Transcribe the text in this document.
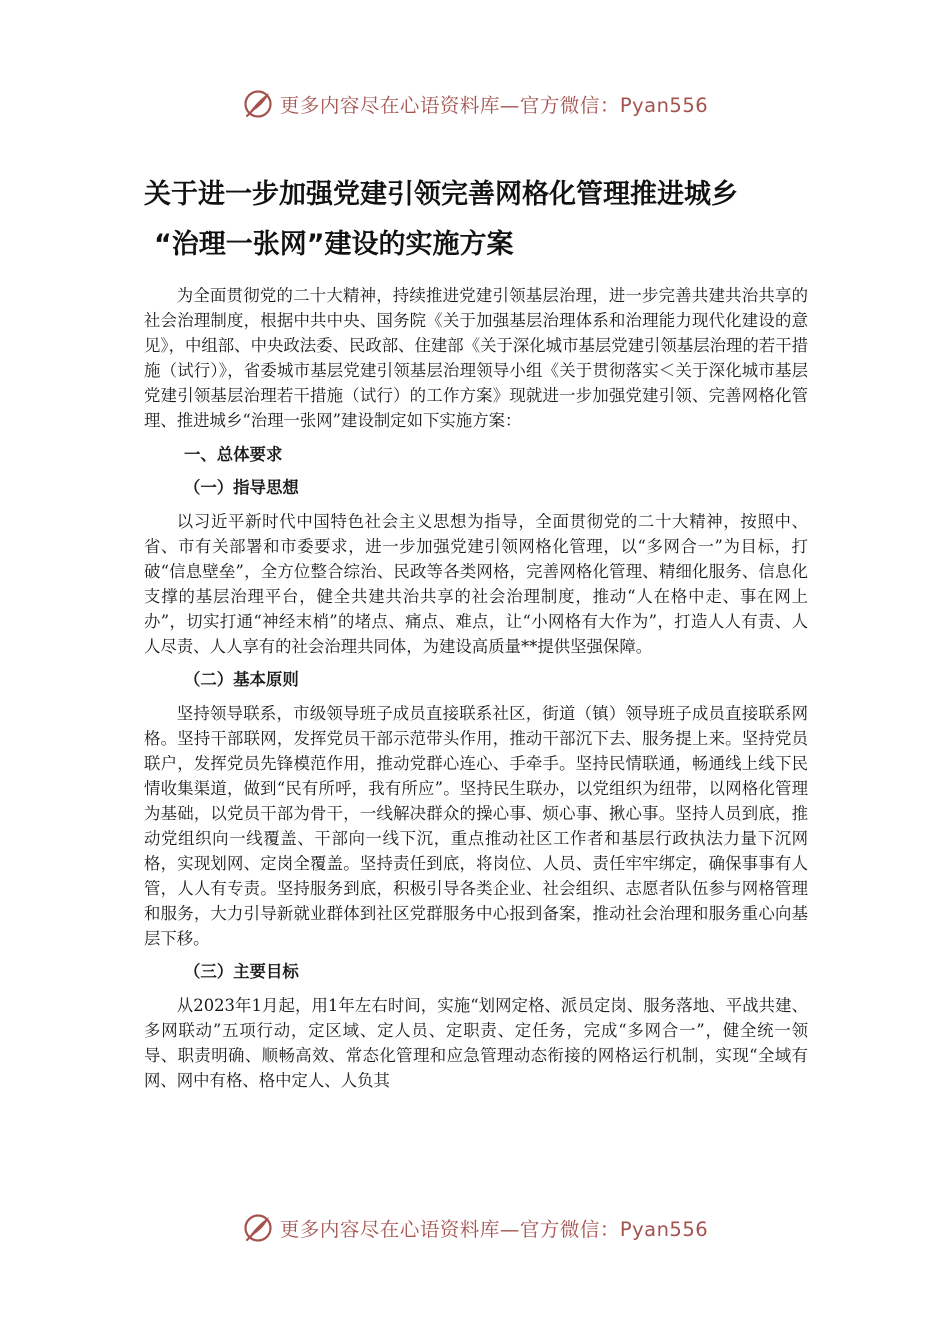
更多内容尽在心语资料库—官方微信：Pyan556
关于进一步加强党建引领完善网格化管理推进城乡
“治理一张网”建设的实施方案

为全面贯彻党的二十大精神，持续推进党建引领基层治理，进一步完善共建共治共享的社会治理制度，根据中共中央、国务院《关于加强基层治理体系和治理能力现代化建设的意见》，中组部、中央政法委、民政部、住建部《关于深化城市基层党建引领基层治理的若干措施（试行）》，省委城市基层党建引领基层治理领导小组《关于贯彻落实＜关于深化城市基层党建引领基层治理若干措施（试行）的工作方案》现就进一步加强党建引领、完善网格化管理、推进城乡“治理一张网”建设制定如下实施方案：

一、总体要求

（一）指导思想

以习近平新时代中国特色社会主义思想为指导，全面贯彻党的二十大精神，按照中、省、市有关部署和市委要求，进一步加强党建引领网格化管理，以“多网合一”为目标，打破“信息壁垒”，全方位整合综治、民政等各类网格，完善网格化管理、精细化服务、信息化支撑的基层治理平台，健全共建共治共享的社会治理制度，推动“人在格中走、事在网上办”，切实打通“神经末梢”的堵点、痛点、难点，让“小网格有大作为”，打造人人有责、人人尽责、人人享有的社会治理共同体，为建设高质量**提供坚强保障。

（二）基本原则

坚持领导联系，市级领导班子成员直接联系社区，街道（镇）领导班子成员直接联系网格。坚持干部联网，发挥党员干部示范带头作用，推动干部沉下去、服务提上来。坚持党员联户，发挥党员先锋模范作用，推动党群心连心、手牵手。坚持民情联通，畅通线上线下民情收集渠道，做到“民有所呼，我有所应”。坚持民生联办，以党组织为纽带，以网格化管理为基础，以党员干部为骨干，一线解决群众的操心事、烦心事、揪心事。坚持人员到底，推动党组织向一线覆盖、干部向一线下沉，重点推动社区工作者和基层行政执法力量下沉网格，实现划网、定岗全覆盖。坚持责任到底，将岗位、人员、责任牢牢绑定，确保事事有人管，人人有专责。坚持服务到底，积极引导各类企业、社会组织、志愿者队伍参与网格管理和服务，大力引导新就业群体到社区党群服务中心报到备案，推动社会治理和服务重心向基层下移。

（三）主要目标

从2023年1月起，用1年左右时间，实施“划网定格、派员定岗、服务落地、平战共建、多网联动”五项行动，定区域、定人员、定职责、定任务，完成“多网合一”，健全统一领导、职责明确、顺畅高效、常态化管理和应急管理动态衔接的网格运行机制，实现“全域有网、网中有格、格中定人、人负其

更多内容尽在心语资料库—官方微信：Pyan556
